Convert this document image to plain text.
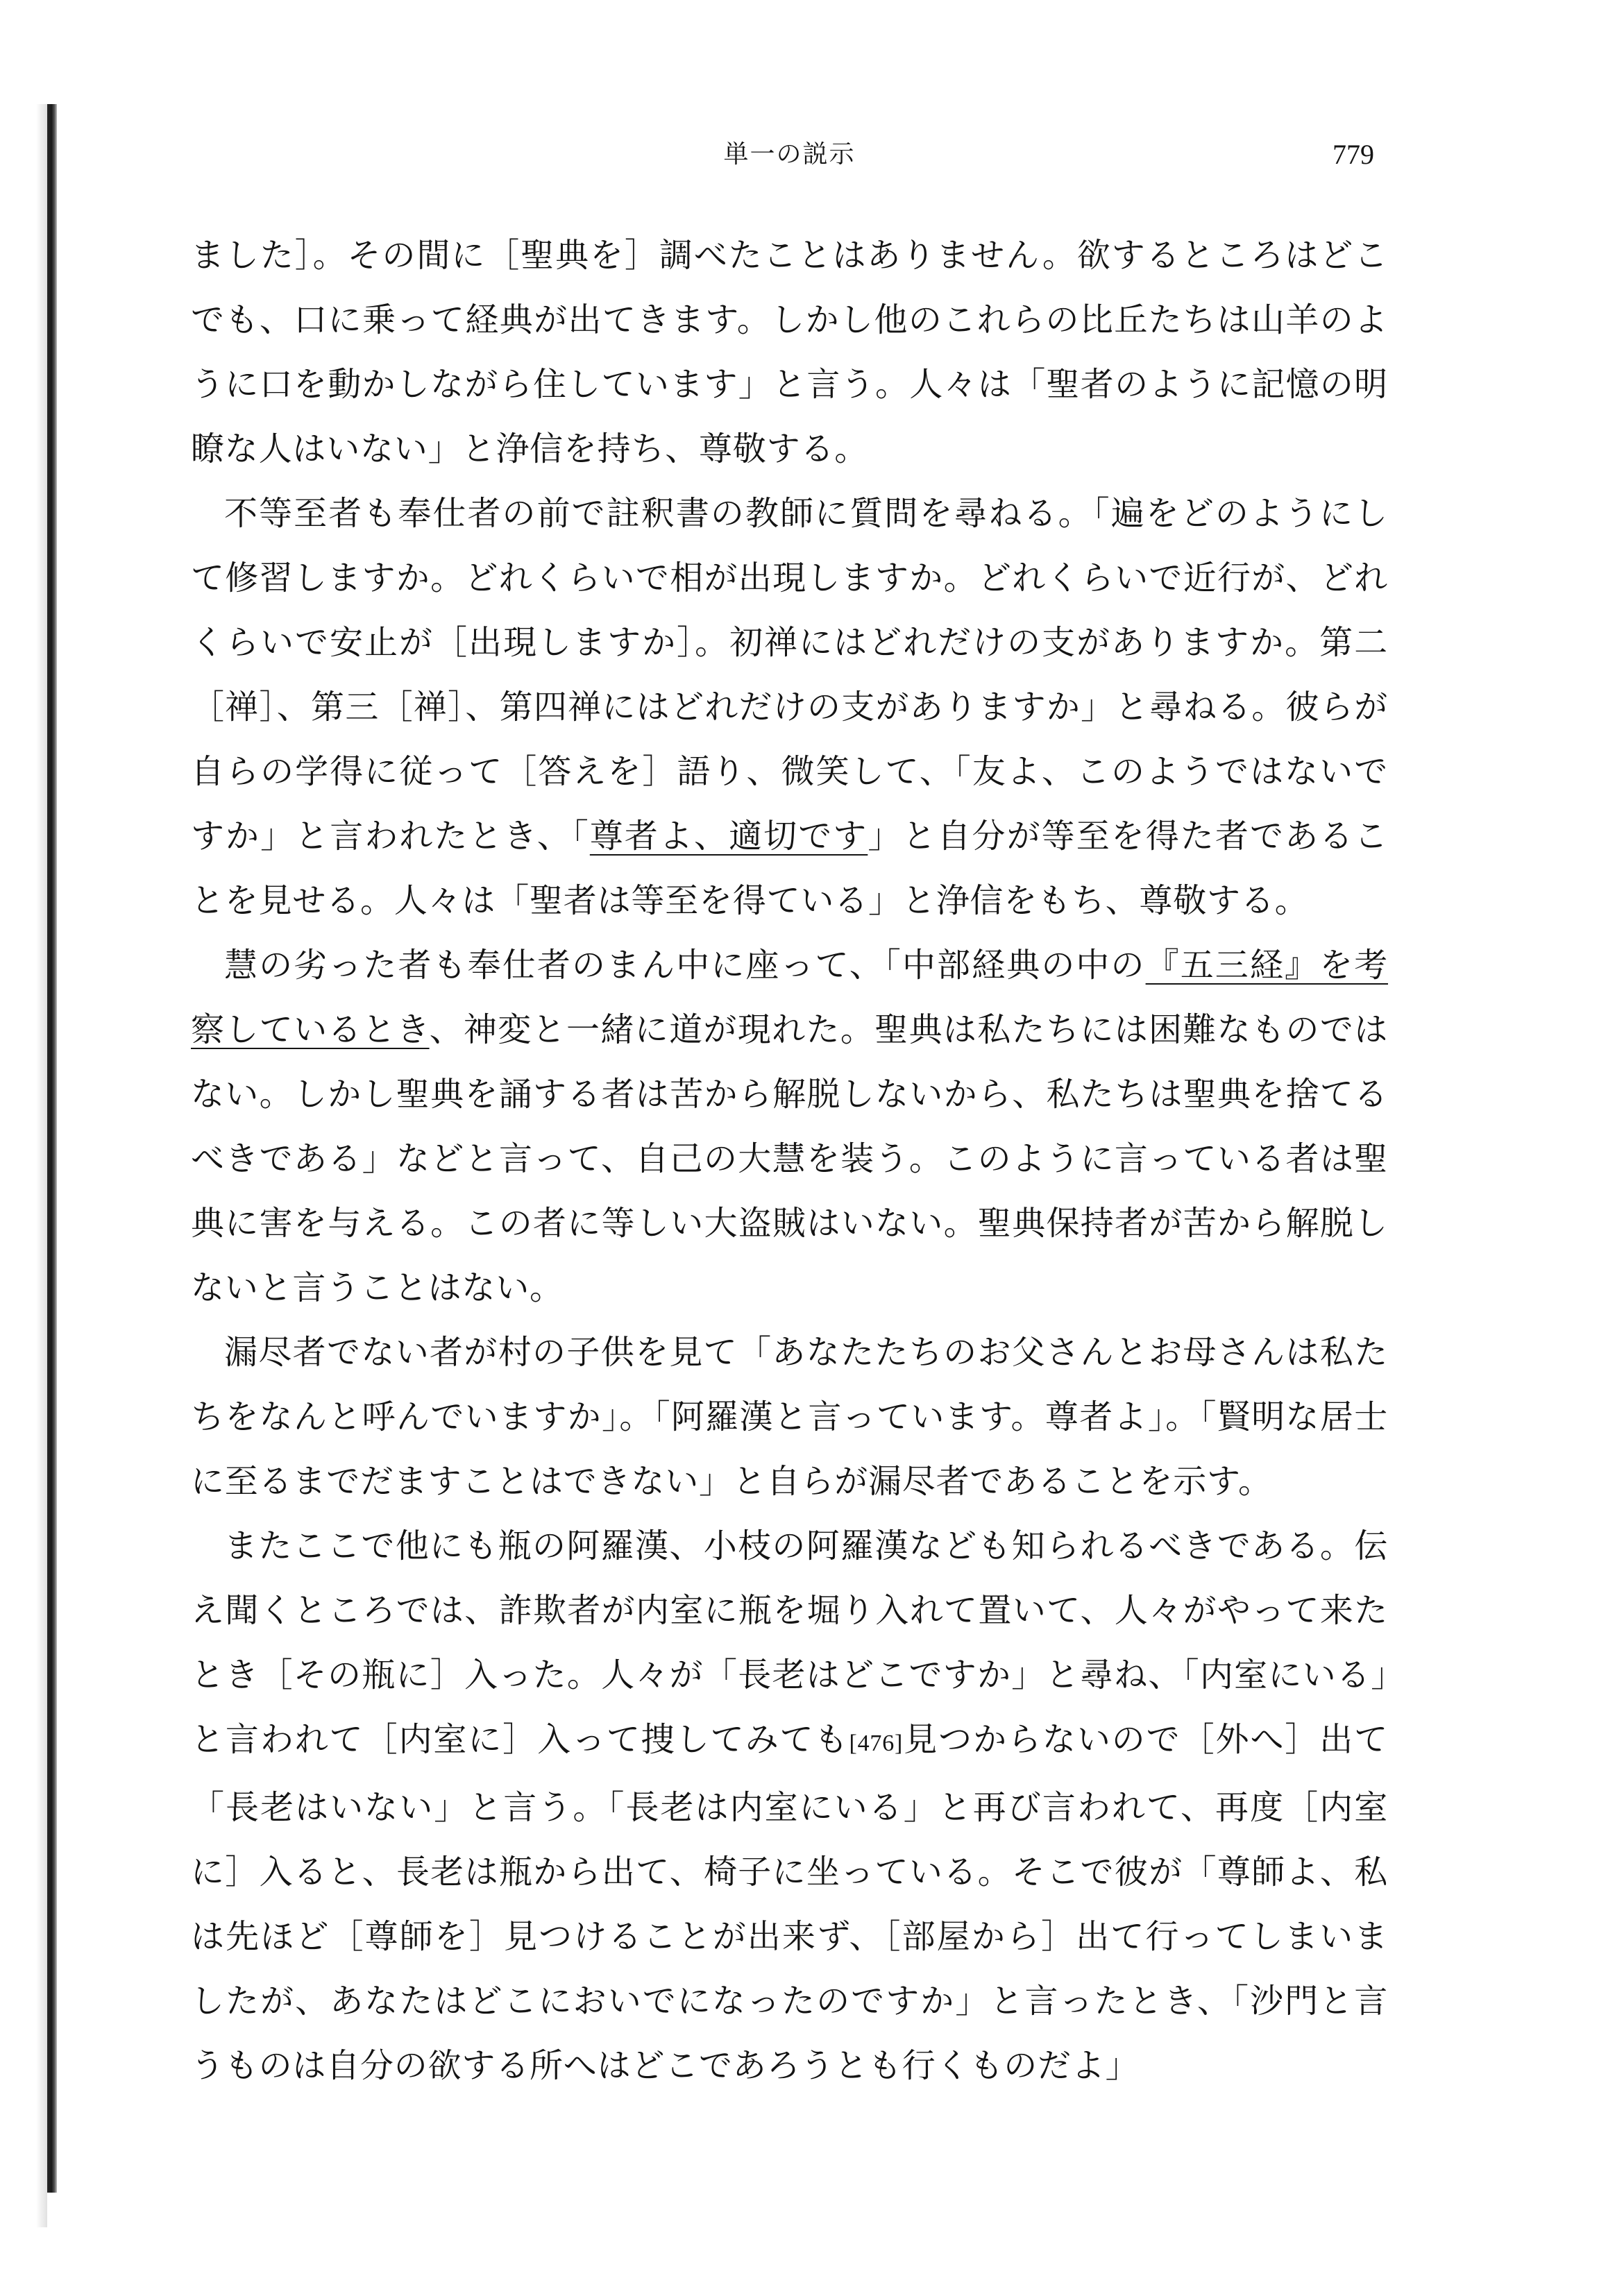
単一の説示	779

ました］。その間に［聖典を］調べたことはありません。欲するところはどこでも、口に乗って経典が出てきます。しかし他のこれらの比丘たちは山羊のように口を動かしながら住しています」と言う。人々は「聖者のように記憶の明瞭な人はいない」と浄信を持ち、尊敬する。

不等至者も奉仕者の前で註釈書の教師に質問を尋ねる。「遍をどのようにして修習しますか。どれくらいで相が出現しますか。どれくらいで近行が、どれくらいで安止が［出現しますか］。初禅にはどれだけの支がありますか。第二［禅］、第三［禅］、第四禅にはどれだけの支がありますか」と尋ねる。彼らが自らの学得に従って［答えを］語り、微笑して、「友よ、このようではないですか」と言われたとき、「尊者よ、適切です」と自分が等至を得た者であることを見せる。人々は「聖者は等至を得ている」と浄信をもち、尊敬する。

慧の劣った者も奉仕者のまん中に座って、「中部経典の中の『五三経』を考察しているとき、神変と一緒に道が現れた。聖典は私たちには困難なものではない。しかし聖典を誦する者は苦から解脱しないから、私たちは聖典を捨てるべきである」などと言って、自己の大慧を装う。このように言っている者は聖典に害を与える。この者に等しい大盗賊はいない。聖典保持者が苦から解脱しないと言うことはない。

漏尽者でない者が村の子供を見て「あなたたちのお父さんとお母さんは私たちをなんと呼んでいますか」。「阿羅漢と言っています。尊者よ」。「賢明な居士に至るまでだますことはできない」と自らが漏尽者であることを示す。

またここで他にも瓶の阿羅漢、小枝の阿羅漢なども知られるべきである。伝え聞くところでは、詐欺者が内室に瓶を堀り入れて置いて、人々がやって来たとき［その瓶に］入った。人々が「長老はどこですか」と尋ね、「内室にいる」と言われて［内室に］入って捜してみても[476]見つからないので［外へ］出て「長老はいない」と言う。「長老は内室にいる」と再び言われて、再度［内室に］入ると、長老は瓶から出て、椅子に坐っている。そこで彼が「尊師よ、私は先ほど［尊師を］見つけることが出来ず、［部屋から］出て行ってしまいましたが、あなたはどこにおいでになったのですか」と言ったとき、「沙門と言うものは自分の欲する所へはどこであろうとも行くものだよ」
